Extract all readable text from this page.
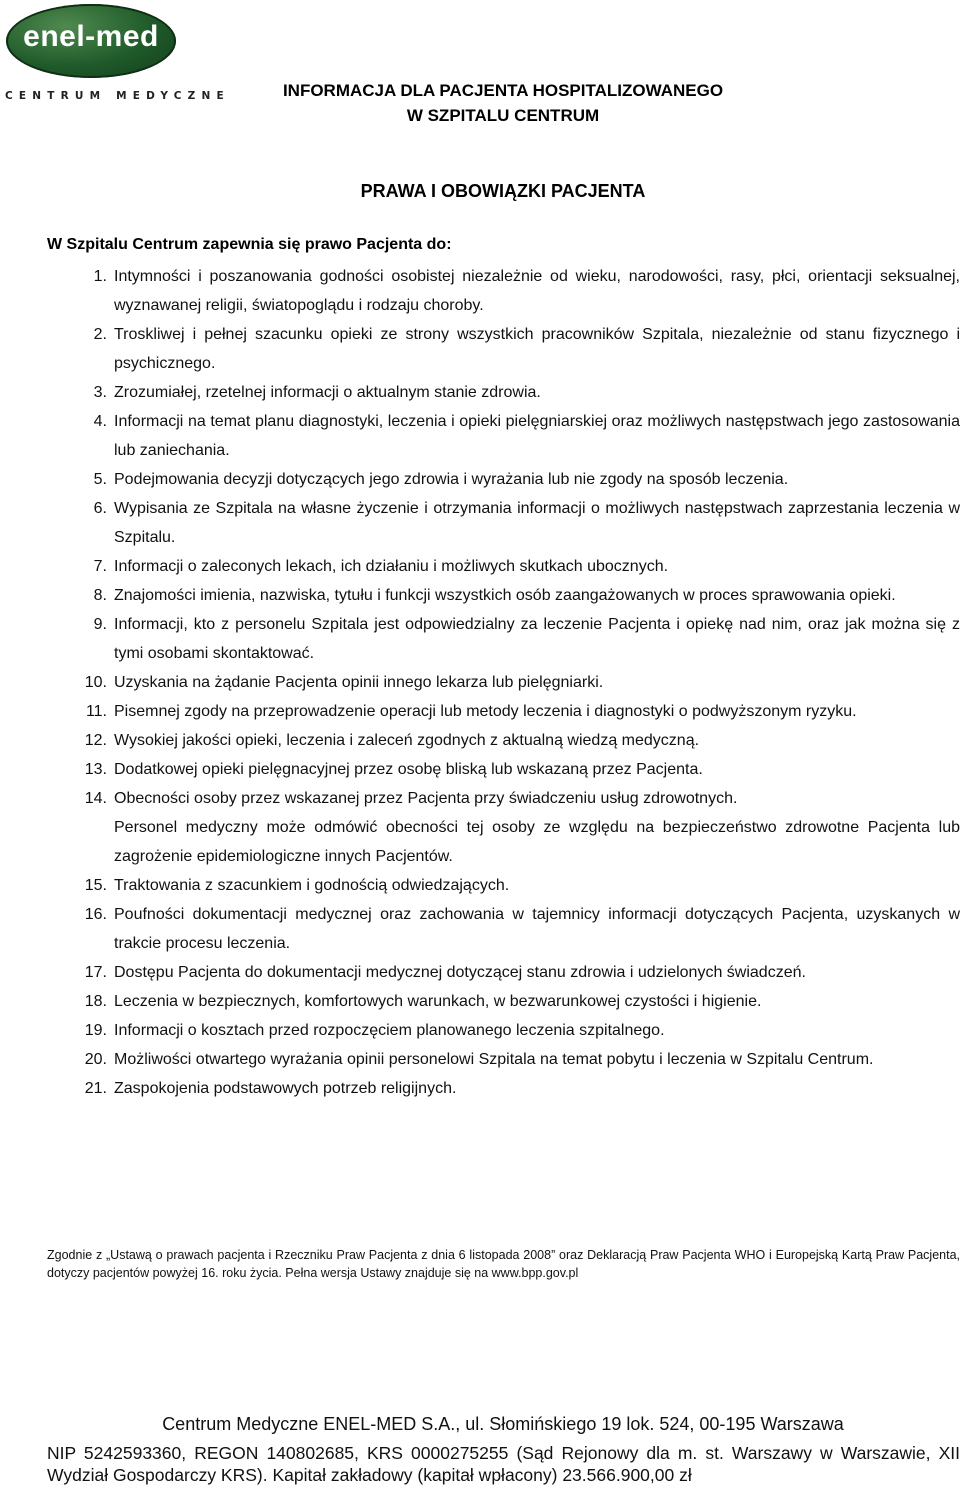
enel-med
CENTRUM MEDYCZNE	INFORMACJA DLA PACJENTA HOSPITALIZOWANEGO
W SZPITALU CENTRUM
PRAWA I OBOWIĄZKI PACJENTA
W Szpitalu Centrum zapewnia się prawo Pacjenta do:
1. Intymności i poszanowania godności osobistej niezależnie od wieku, narodowości, rasy, płci, orientacji seksualnej, wyznawanej religii, światopoglądu i rodzaju choroby.
2. Troskliwej i pełnej szacunku opieki ze strony wszystkich pracowników Szpitala, niezależnie od stanu fizycznego i psychicznego.
3. Zrozumiałej, rzetelnej informacji o aktualnym stanie zdrowia.
4. Informacji na temat planu diagnostyki, leczenia i opieki pielęgniarskiej oraz możliwych następstwach jego zastosowania lub zaniechania.
5. Podejmowania decyzji dotyczących jego zdrowia i wyrażania lub nie zgody na sposób leczenia.
6. Wypisania ze Szpitala na własne życzenie i otrzymania informacji o możliwych następstwach zaprzestania leczenia w Szpitalu.
7. Informacji o zaleconych lekach, ich działaniu i możliwych skutkach ubocznych.
8. Znajomości imienia, nazwiska, tytułu i funkcji wszystkich osób zaangażowanych w proces sprawowania opieki.
9. Informacji, kto z personelu Szpitala jest odpowiedzialny za leczenie Pacjenta i opiekę nad nim, oraz jak można się z tymi osobami skontaktować.
10. Uzyskania na żądanie Pacjenta opinii innego lekarza lub pielęgniarki.
11. Pisemnej zgody na przeprowadzenie operacji lub metody leczenia i diagnostyki o podwyższonym ryzyku.
12. Wysokiej jakości opieki, leczenia i zaleceń zgodnych z aktualną wiedzą medyczną.
13. Dodatkowej opieki pielęgnacyjnej przez osobę bliską lub wskazaną przez Pacjenta.
14. Obecności osoby przez wskazanej przez Pacjenta przy świadczeniu usług zdrowotnych.
Personel medyczny może odmówić obecności tej osoby ze względu na bezpieczeństwo zdrowotne Pacjenta lub zagrożenie epidemiologiczne innych Pacjentów.
15. Traktowania z szacunkiem i godnością odwiedzających.
16. Poufności dokumentacji medycznej oraz zachowania w tajemnicy informacji dotyczących Pacjenta, uzyskanych w trakcie procesu leczenia.
17. Dostępu Pacjenta do dokumentacji medycznej dotyczącej stanu zdrowia i udzielonych świadczeń.
18. Leczenia w bezpiecznych, komfortowych warunkach, w bezwarunkowej czystości i higienie.
19. Informacji o kosztach przed rozpoczęciem planowanego leczenia szpitalnego.
20. Możliwości otwartego wyrażania opinii personelowi Szpitala na temat pobytu i leczenia w Szpitalu Centrum.
21. Zaspokojenia podstawowych potrzeb religijnych.
Zgodnie z „Ustawą o prawach pacjenta i Rzeczniku Praw Pacjenta z dnia 6 listopada 2008” oraz Deklaracją Praw Pacjenta WHO i Europejską Kartą Praw Pacjenta, dotyczy pacjentów powyżej 16. roku życia. Pełna wersja Ustawy znajduje się na www.bpp.gov.pl
Centrum Medyczne ENEL-MED S.A., ul. Słomińskiego 19 lok. 524, 00-195 Warszawa
NIP 5242593360, REGON 140802685, KRS 0000275255 (Sąd Rejonowy dla m. st. Warszawy w Warszawie, XII Wydział Gospodarczy KRS). Kapitał zakładowy (kapitał wpłacony) 23.566.900,00 zł
